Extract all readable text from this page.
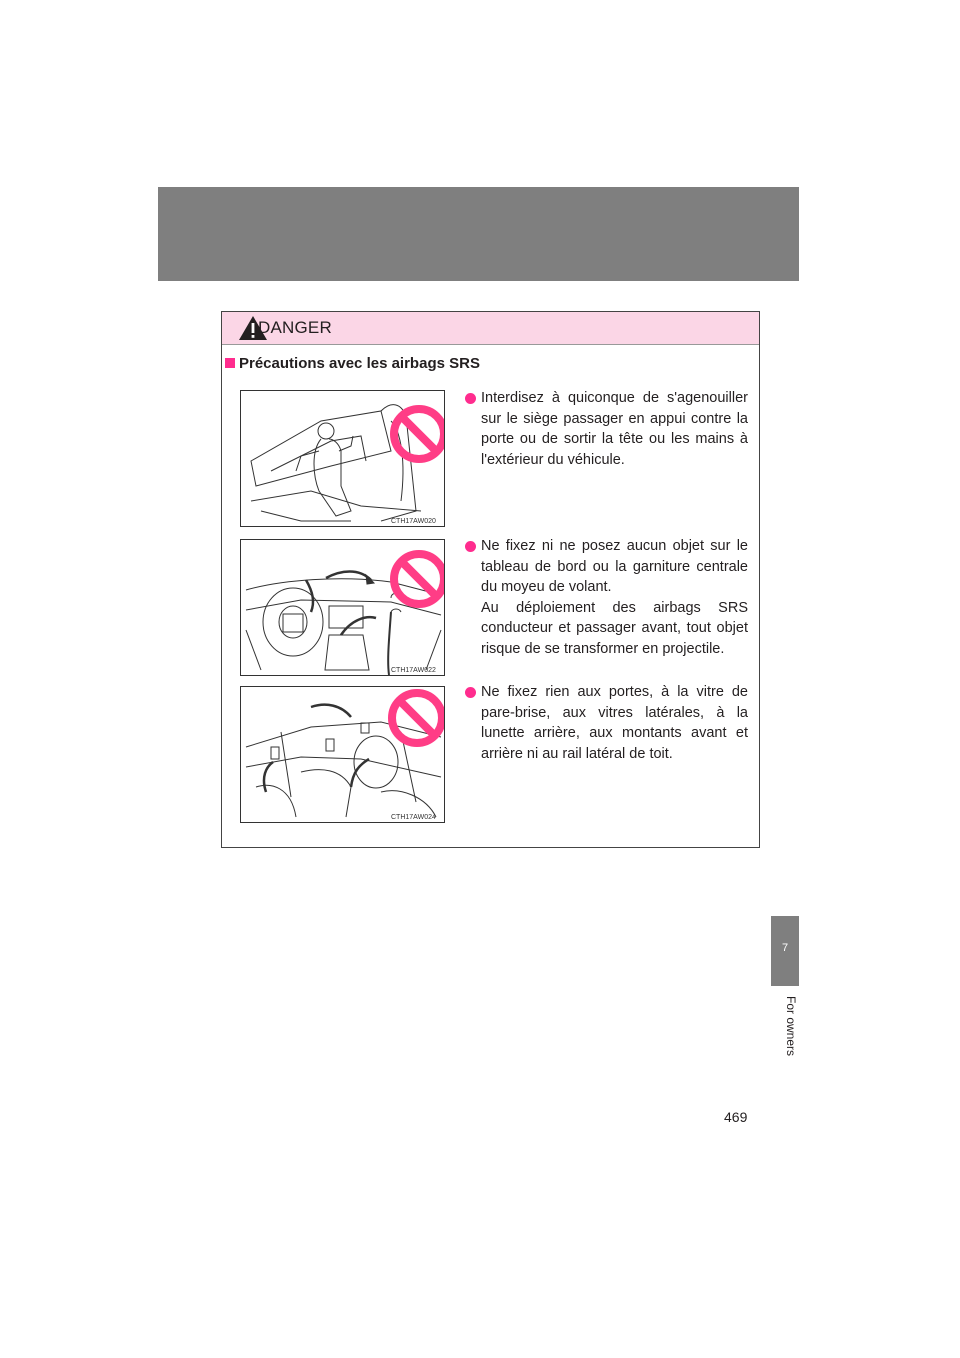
DANGER
Précautions avec les airbags SRS
CTH17AW020
CTH17AW022
CTH17AW024

Interdisez à quiconque de s'agenouiller sur le siège passager en appui contre la porte ou de sortir la tête ou les mains à l'extérieur du véhicule.

Ne fixez ni ne posez aucun objet sur le tableau de bord ou la garniture centrale du moyeu de volant.

Au déploiement des airbags SRS conducteur et passager avant, tout objet risque de se transformer en projectile.

Ne fixez rien aux portes, à la vitre de pare-brise, aux vitres latérales, à la lunette arrière, aux montants avant et arrière ni au rail latéral de toit.

7
For owners
469
